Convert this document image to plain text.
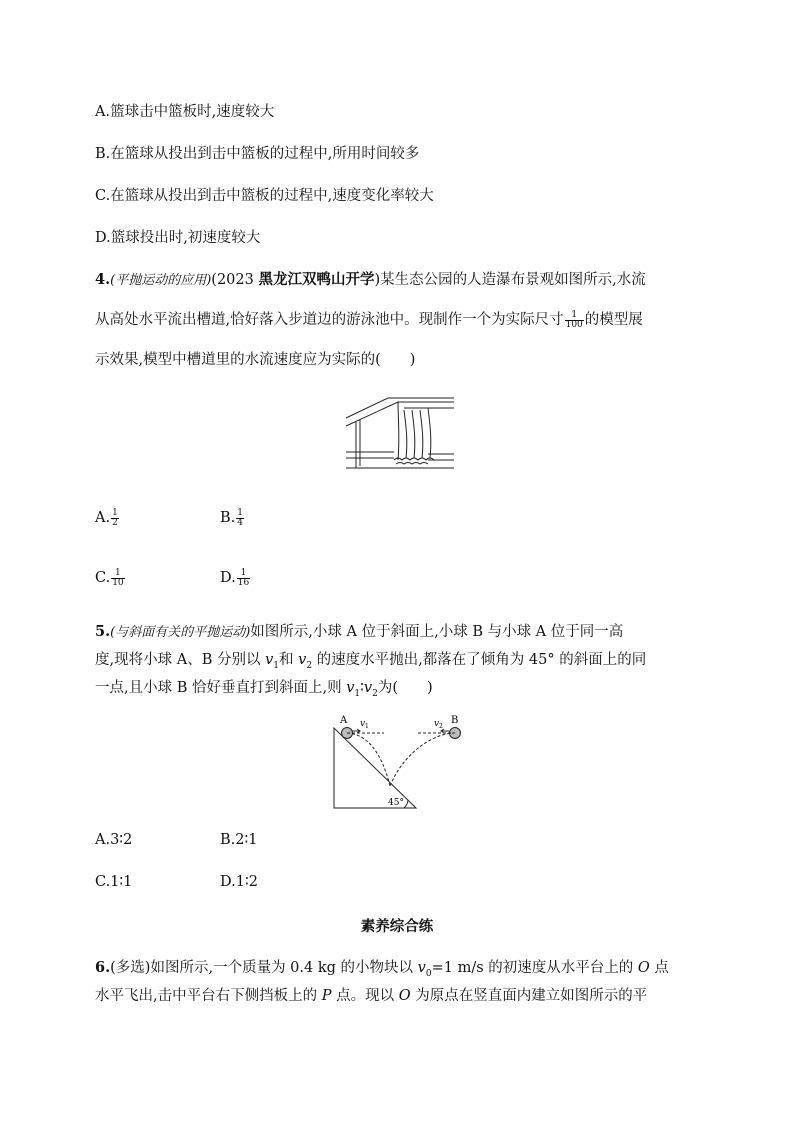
A.篮球击中篮板时,速度较大
B.在篮球从投出到击中篮板的过程中,所用时间较多
C.在篮球从投出到击中篮板的过程中,速度变化率较大
D.篮球投出时,初速度较大
4.(平抛运动的应用)(2023 黑龙江双鸭山开学)某生态公园的人造瀑布景观如图所示,水流
从高处水平流出槽道,恰好落入步道边的游泳池中。现制作一个为实际尺寸 $\frac{1}{100}$ 的模型展
示效果,模型中槽道里的水流速度应为实际的(　　)
A. $\frac{1}{2}$	B. $\frac{1}{4}$
C. $\frac{1}{10}$	D. $\frac{1}{16}$
5.(与斜面有关的平抛运动)如图所示,小球 A 位于斜面上,小球 B 与小球 A 位于同一高
度,现将小球 A、B 分别以 $v_1$和 $v_2$ 的速度水平抛出,都落在了倾角为 45° 的斜面上的同
一点,且小球 B 恰好垂直打到斜面上,则 $v_1∶v_2$为(　　)
A	B
v 1	v 2
45°
A.3∶2	B.2∶1
C.1∶1	D.1∶2
素养综合练
6.(多选)如图所示,一个质量为 0.4 kg 的小物块以 $v_0=1$ m/s 的初速度从水平台上的 O 点
水平飞出,击中平台右下侧挡板上的 P 点。现以 O 为原点在竖直面内建立如图所示的平
